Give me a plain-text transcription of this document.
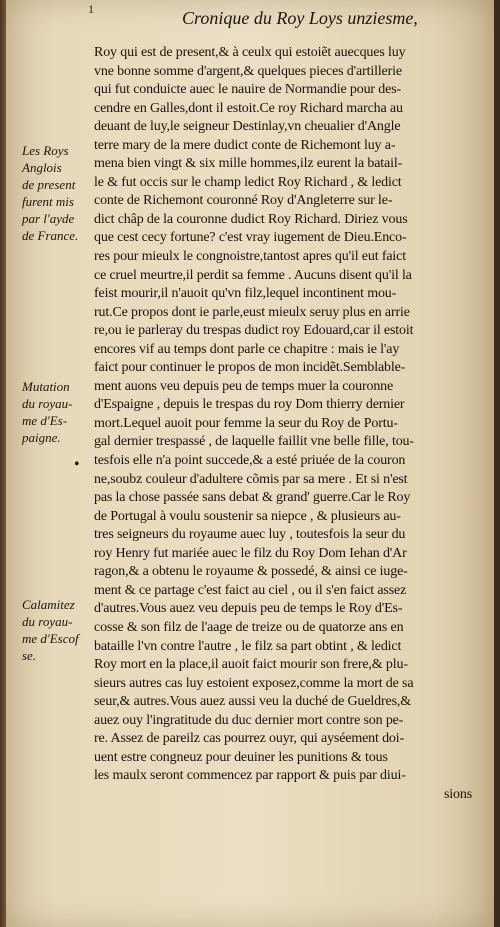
1	Cronique du Roy Loys unziesme,
Les Roys
Anglois
de present
furent mis
par l'ayde
de France.
Mutation
du royau-
me d'Es-
paigne.
Calamitez
du royau-
me d'Escof
se.
•
Roy qui est de present,& à ceulx qui estoiẽt auecques luy
vne bonne somme d'argent,& quelques pieces d'artillerie
qui fut conduicte auec le nauire de Normandie pour des-
cendre en Galles,dont il estoit.Ce roy Richard marcha au
deuant de luy,le seigneur Destinlay,vn cheualier d'Angle
terre mary de la mere dudict conte de Richemont luy a-
mena bien vingt & six mille hommes,ilz eurent la batail-
le & fut occis sur le champ ledict Roy Richard , & ledict
conte de Richemont couronné Roy d'Angleterre sur le-
dict châp de la couronne dudict Roy Richard. Diriez vous
que cest cecy fortune? c'est vray iugement de Dieu.Enco-
res pour mieulx le congnoistre,tantost apres qu'il eut faict
ce cruel meurtre,il perdit sa femme . Aucuns disent qu'il la
feist mourir,il n'auoit qu'vn filz,lequel incontinent mou-
rut.Ce propos dont ie parle,eust mieulx seruy plus en arrie
re,ou ie parleray du trespas dudict roy Edouard,car il estoit
encores vif au temps dont parle ce chapitre : mais ie l'ay
faict pour continuer le propos de mon incidẽt.Semblable-
ment auons veu depuis peu de temps muer la couronne
d'Espaigne , depuis le trespas du roy Dom thierry dernier
mort.Lequel auoit pour femme la seur du Roy de Portu-
gal dernier trespassé , de laquelle faillit vne belle fille, tou-
tesfois elle n'a point succede,& a esté priuée de la couron
ne,soubz couleur d'adultere cõmis par sa mere . Et si n'est
pas la chose passée sans debat & grand' guerre.Car le Roy
de Portugal à voulu soustenir sa niepce , & plusieurs au-
tres seigneurs du royaume auec luy , toutesfois la seur du
roy Henry fut mariée auec le filz du Roy Dom Iehan d'Ar
ragon,& a obtenu le royaume & possedé, & ainsi ce iuge-
ment & ce partage c'est faict au ciel , ou il s'en faict assez
d'autres.Vous auez veu depuis peu de temps le Roy d'Es-
cosse & son filz de l'aage de treize ou de quatorze ans en
bataille l'vn contre l'autre , le filz sa part obtint , & ledict
Roy mort en la place,il auoit faict mourir son frere,& plu-
sieurs autres cas luy estoient exposez,comme la mort de sa
seur,& autres.Vous auez aussi veu la duché de Gueldres,&
auez ouy l'ingratitude du duc dernier mort contre son pe-
re. Assez de pareilz cas pourrez ouyr, qui ayséement doi-
uent estre congneuz pour deuiner les punitions & tous
les maulx seront commencez par rapport & puis par diui-
sions
